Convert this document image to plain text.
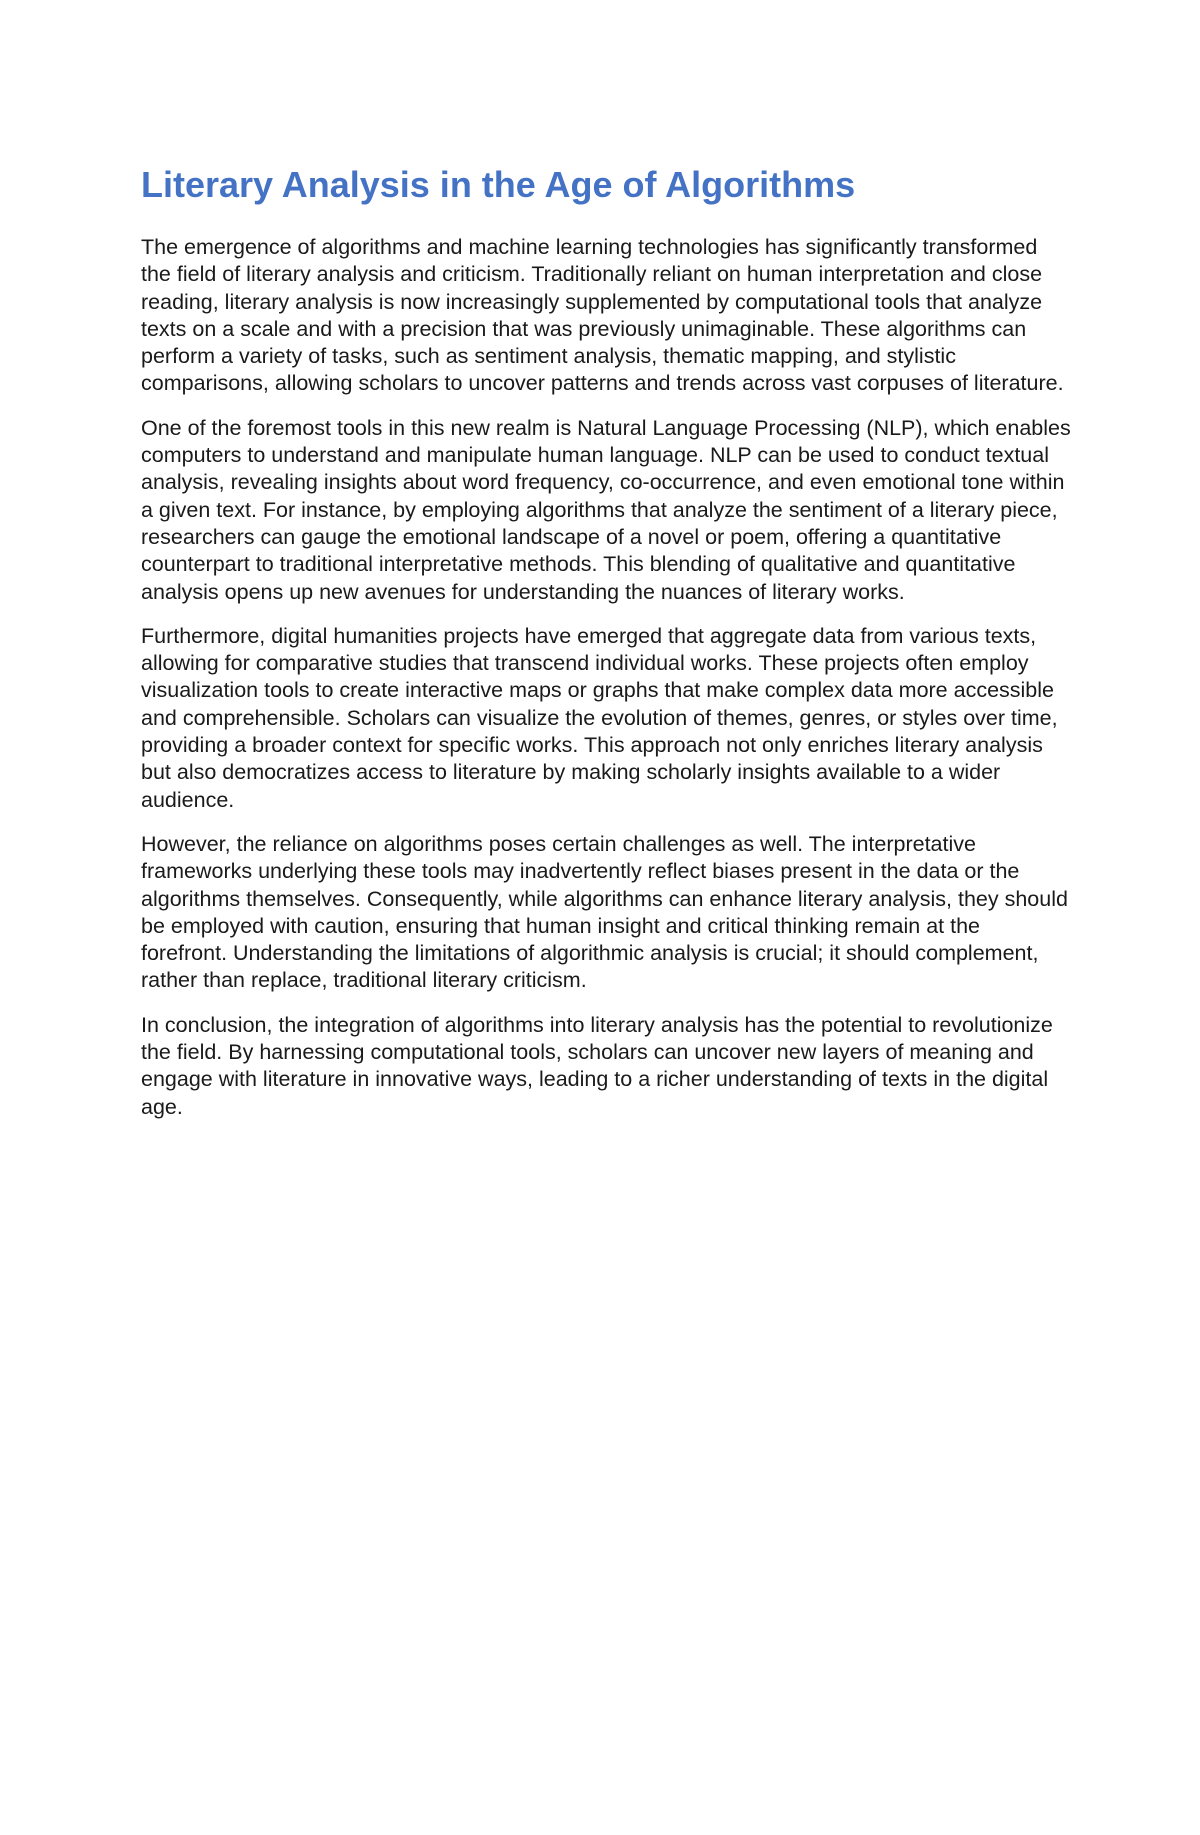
Literary Analysis in the Age of Algorithms

The emergence of algorithms and machine learning technologies has significantly transformed the field of literary analysis and criticism. Traditionally reliant on human interpretation and close reading, literary analysis is now increasingly supplemented by computational tools that analyze texts on a scale and with a precision that was previously unimaginable. These algorithms can perform a variety of tasks, such as sentiment analysis, thematic mapping, and stylistic comparisons, allowing scholars to uncover patterns and trends across vast corpuses of literature.

One of the foremost tools in this new realm is Natural Language Processing (NLP), which enables computers to understand and manipulate human language. NLP can be used to conduct textual analysis, revealing insights about word frequency, co-occurrence, and even emotional tone within a given text. For instance, by employing algorithms that analyze the sentiment of a literary piece, researchers can gauge the emotional landscape of a novel or poem, offering a quantitative counterpart to traditional interpretative methods. This blending of qualitative and quantitative analysis opens up new avenues for understanding the nuances of literary works.

Furthermore, digital humanities projects have emerged that aggregate data from various texts, allowing for comparative studies that transcend individual works. These projects often employ visualization tools to create interactive maps or graphs that make complex data more accessible and comprehensible. Scholars can visualize the evolution of themes, genres, or styles over time, providing a broader context for specific works. This approach not only enriches literary analysis but also democratizes access to literature by making scholarly insights available to a wider audience.

However, the reliance on algorithms poses certain challenges as well. The interpretative frameworks underlying these tools may inadvertently reflect biases present in the data or the algorithms themselves. Consequently, while algorithms can enhance literary analysis, they should be employed with caution, ensuring that human insight and critical thinking remain at the forefront. Understanding the limitations of algorithmic analysis is crucial; it should complement, rather than replace, traditional literary criticism.

In conclusion, the integration of algorithms into literary analysis has the potential to revolutionize the field. By harnessing computational tools, scholars can uncover new layers of meaning and engage with literature in innovative ways, leading to a richer understanding of texts in the digital age.
